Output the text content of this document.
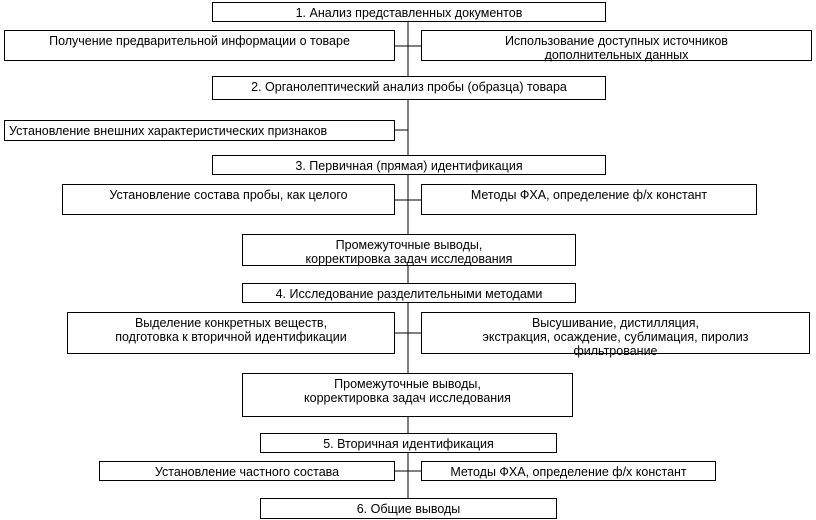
1. Анализ представленных документов
Получение предварительной информации о товаре	Использование доступных источников
дополнительных данных
2. Органолептический анализ пробы (образца) товара
Установление внешних характеристических признаков
3. Первичная (прямая) идентификация
Установление состава пробы, как целого	Методы ФХА, определение ф/х констант
Промежуточные выводы,
корректировка задач исследования
4. Исследование разделительными методами
Выделение конкретных веществ,
подготовка к вторичной идентификации
Высушивание, дистилляция,
экстракция, осаждение, сублимация, пиролиз
фильтрование
Промежуточные выводы,
корректировка задач исследования
5. Вторичная идентификация
Установление частного состава	Методы ФХА, определение ф/х констант
6. Общие выводы
